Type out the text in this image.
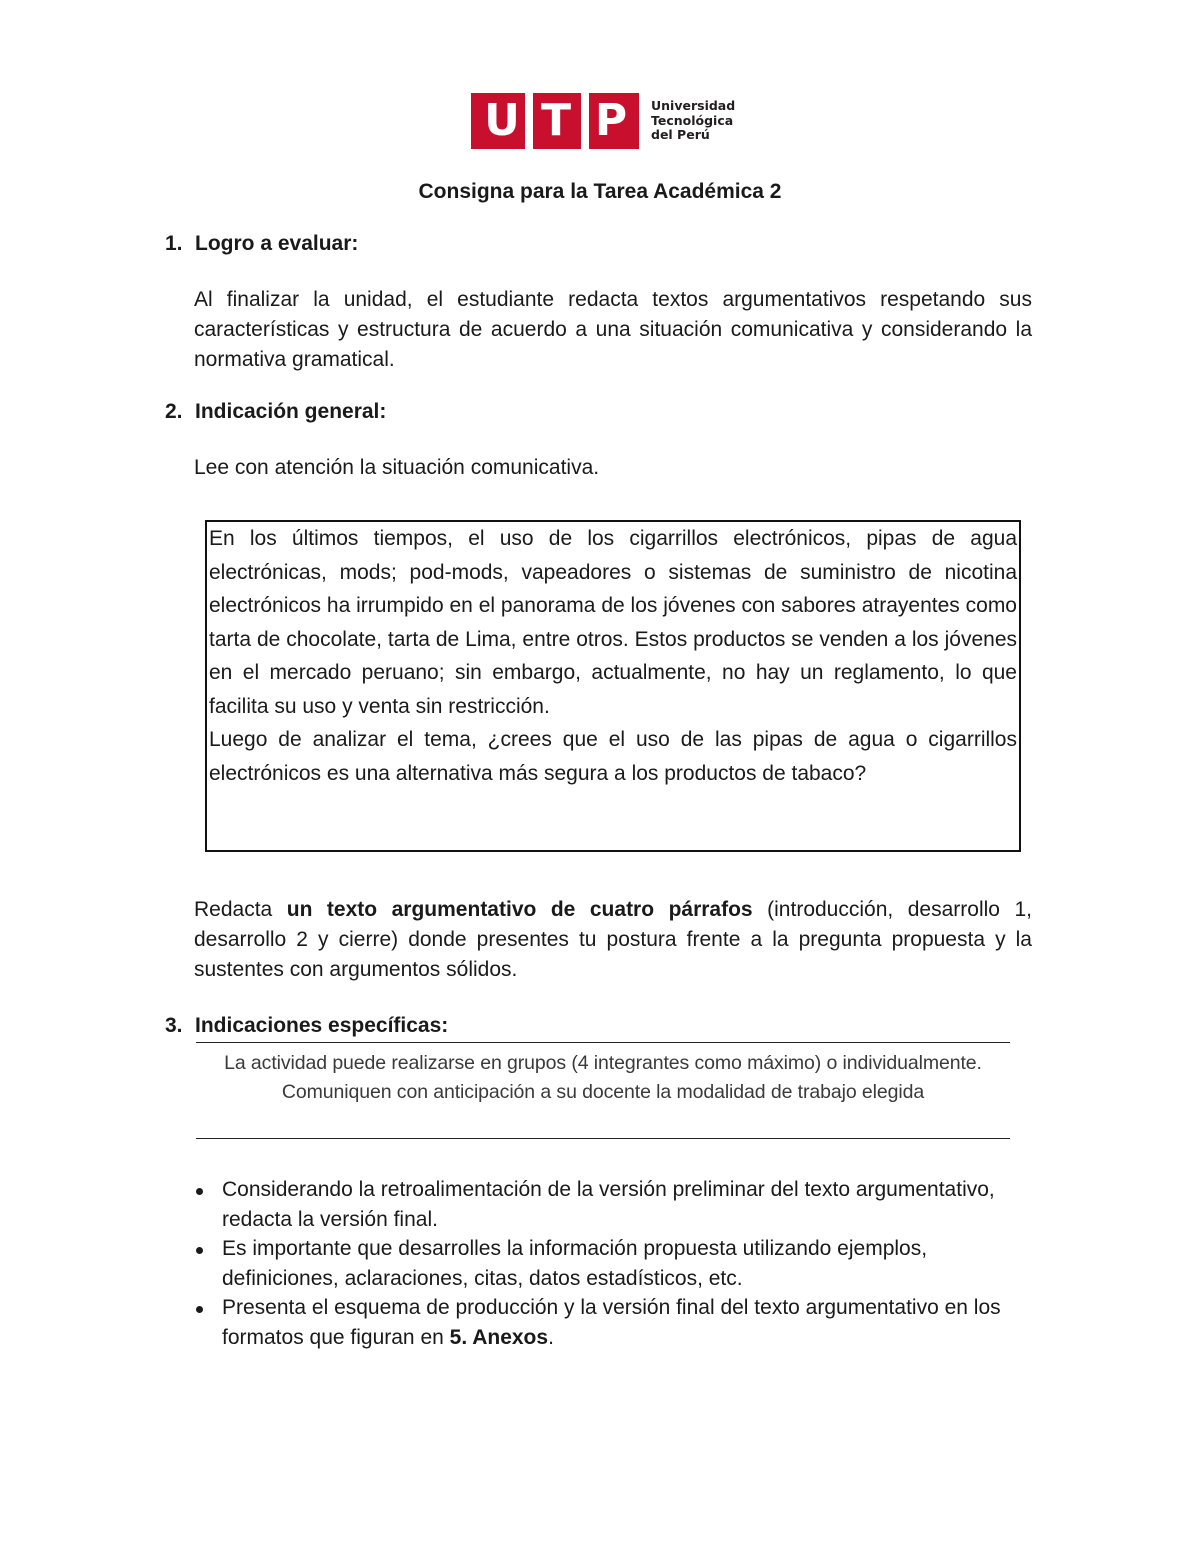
U T P	Universidad
Tecnológica
del Perú
Consigna para la Tarea Académica 2
1. Logro a evaluar:
Al finalizar la unidad, el estudiante redacta textos argumentativos respetando sus características y estructura de acuerdo a una situación comunicativa y considerando la normativa gramatical.
2. Indicación general:
Lee con atención la situación comunicativa.

En los últimos tiempos, el uso de los cigarrillos electrónicos, pipas de agua electrónicas, mods; pod-mods, vapeadores o sistemas de suministro de nicotina electrónicos ha irrumpido en el panorama de los jóvenes con sabores atrayentes como tarta de chocolate, tarta de Lima, entre otros. Estos productos se venden a los jóvenes en el mercado peruano; sin embargo, actualmente, no hay un reglamento, lo que facilita su uso y venta sin restricción.

Luego de analizar el tema, ¿crees que el uso de las pipas de agua o cigarrillos electrónicos es una alternativa más segura a los productos de tabaco?

Redacta un texto argumentativo de cuatro párrafos (introducción, desarrollo 1, desarrollo 2 y cierre) donde presentes tu postura frente a la pregunta propuesta y la sustentes con argumentos sólidos.
3. Indicaciones específicas:
La actividad puede realizarse en grupos (4 integrantes como máximo) o individualmente. Comuniquen con anticipación a su docente la modalidad de trabajo elegida
Considerando la retroalimentación de la versión preliminar del texto argumentativo, redacta la versión final.
Es importante que desarrolles la información propuesta utilizando ejemplos, definiciones, aclaraciones, citas, datos estadísticos, etc.
Presenta el esquema de producción y la versión final del texto argumentativo en los formatos que figuran en 5. Anexos.
